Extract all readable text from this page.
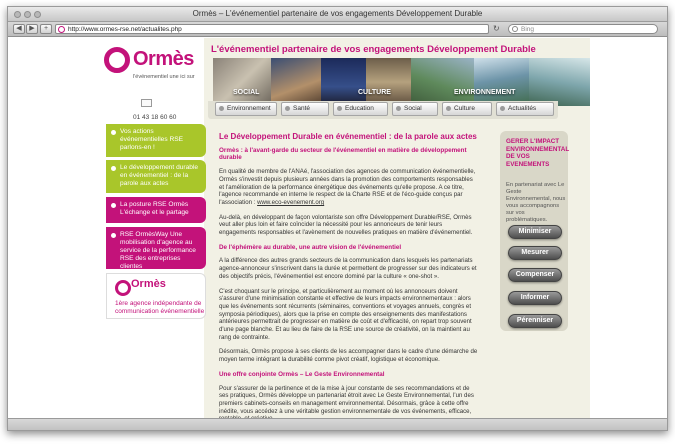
Ormès – L'événementiel partenaire de vos engagements Développement Durable
◀	▶	+	http://www.ormes-rse.net/actualites.php	↻	Bing
Ormès
l'événementiel une ici sur
01 43 18 60 60
L'événementiel partenaire de vos engagements Développement Durable
SOCIAL	CULTURE	ENVIRONNEMENT
Environnement	Santé	Education	Social	Culture	Actualités
Vos actions événementielles RSE parlons-en !
Le développement durable en événementiel : de la parole aux actes
La posture RSE Ormès L'échange et le partage
RSE OrmèsWay Une mobilisation d'agence au service de la performance RSE des entreprises clientes
Ormès
1ère agence indépendante de communication événementielle
Le Développement Durable en événementiel : de la parole aux actes
Ormès : à l'avant-garde du secteur de l'événementiel en matière de développement durable

En qualité de membre de l'ANAé, l'association des agences de communication événementielle, Ormès s'investit depuis plusieurs années dans la promotion des comportements responsables et l'amélioration de la performance énergétique des événements qu'elle propose. A ce titre, l'agence recommande en interne le respect de la Charte RSE et de l'éco-guide conçus par l'association : www.eco-evenement.org

Au-delà, en développant de façon volontariste son offre Développement Durable/RSE, Ormès veut aller plus loin et faire coïncider la nécessité pour les annonceurs de tenir leurs engagements responsables et l'avènement de nouvelles pratiques en matière d'événementiel.

De l'éphémère au durable, une autre vision de l'événementiel

A la différence des autres grands secteurs de la communication dans lesquels les partenariats agence-annonceur s'inscrivent dans la durée et permettent de progresser sur des indicateurs et des objectifs précis, l'événementiel est encore dominé par la culture « one-shot ».

C'est choquant sur le principe, et particulièrement au moment où les annonceurs doivent s'assurer d'une minimisation constante et effective de leurs impacts environnementaux : alors que les événements sont récurrents (séminaires, conventions et voyages annuels, congrès et symposia périodiques), alors que la prise en compte des enseignements des manifestations antérieures permettrait de progresser en matière de coût et d'efficacité, on repart trop souvent d'une page blanche. Et au lieu de faire de la RSE une source de créativité, on la maintient au rang de contrainte.

Désormais, Ormès propose à ses clients de les accompagner dans le cadre d'une démarche de moyen terme intégrant la durabilité comme pivot créatif, logistique et économique.

Une offre conjointe Ormès – Le Geste Environnemental

Pour s'assurer de la pertinence et de la mise à jour constante de ses recommandations et de ses pratiques, Ormès développe un partenariat étroit avec Le Geste Environnemental, l'un des premiers cabinets-conseils en management environnemental. Désormais, grâce à cette offre inédite, vous accédez à une véritable gestion environnementale de vos événements, efficace,

GERER L'IMPACT ENVIRONNEMENTAL DE VOS EVENEMENTS
En partenariat avec Le Geste Environnemental, nous vous accompagnons sur vos problématiques.
Minimiser
Mesurer
Compenser
Informer
Pérenniser
